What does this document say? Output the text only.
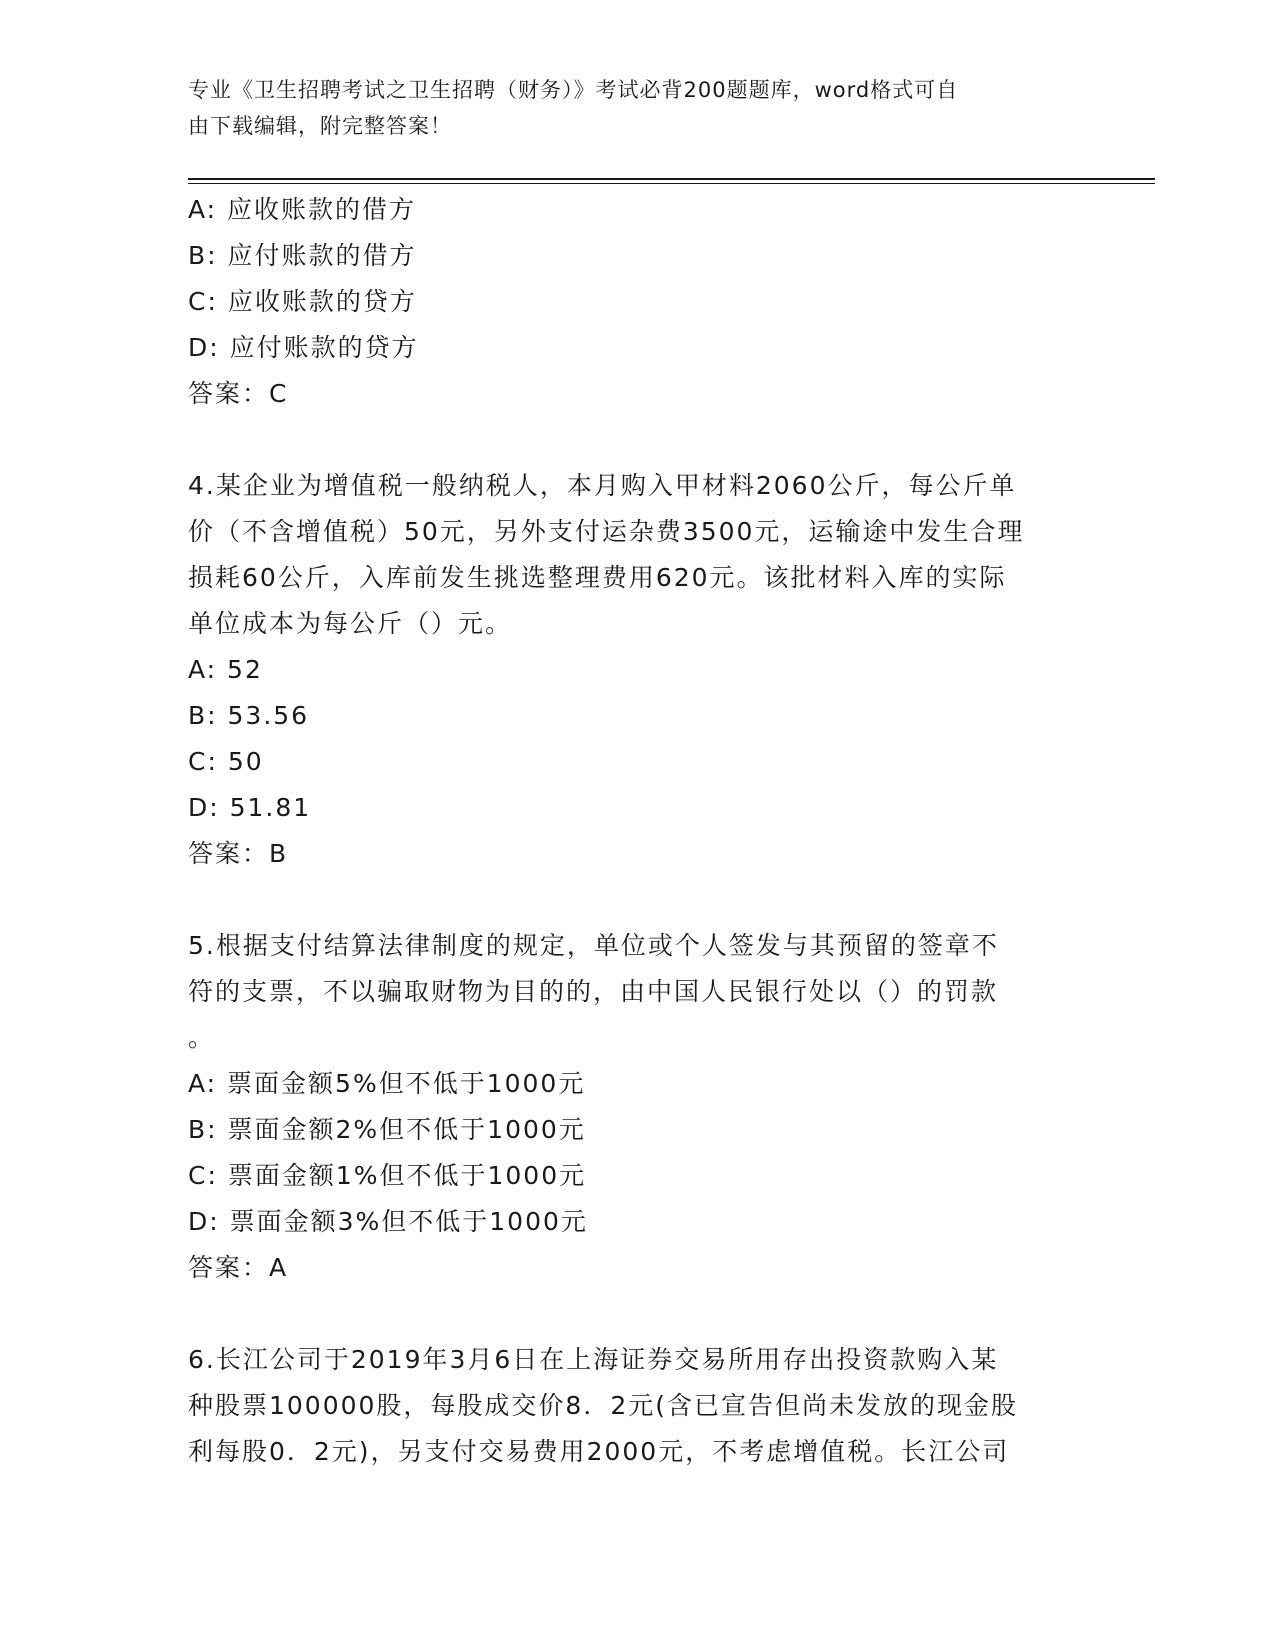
专业《卫生招聘考试之卫生招聘（财务）》考试必背200题题库，word格式可自
由下载编辑，附完整答案！
A: 应收账款的借方
B: 应付账款的借方
C: 应收账款的贷方
D: 应付账款的贷方
答案：C
4.某企业为增值税一般纳税人，本月购入甲材料2060公斤，每公斤单
价（不含增值税）50元，另外支付运杂费3500元，运输途中发生合理
损耗60公斤，入库前发生挑选整理费用620元。该批材料入库的实际
单位成本为每公斤（）元。
A: 52
B: 53.56
C: 50
D: 51.81
答案：B
5.根据支付结算法律制度的规定，单位或个人签发与其预留的签章不
符的支票，不以骗取财物为目的的，由中国人民银行处以（）的罚款
。
A: 票面金额5%但不低于1000元
B: 票面金额2%但不低于1000元
C: 票面金额1%但不低于1000元
D: 票面金额3%但不低于1000元
答案：A
6.长江公司于2019年3月6日在上海证券交易所用存出投资款购入某
种股票100000股，每股成交价8．2元(含已宣告但尚未发放的现金股
利每股0．2元)，另支付交易费用2000元，不考虑增值税。长江公司
